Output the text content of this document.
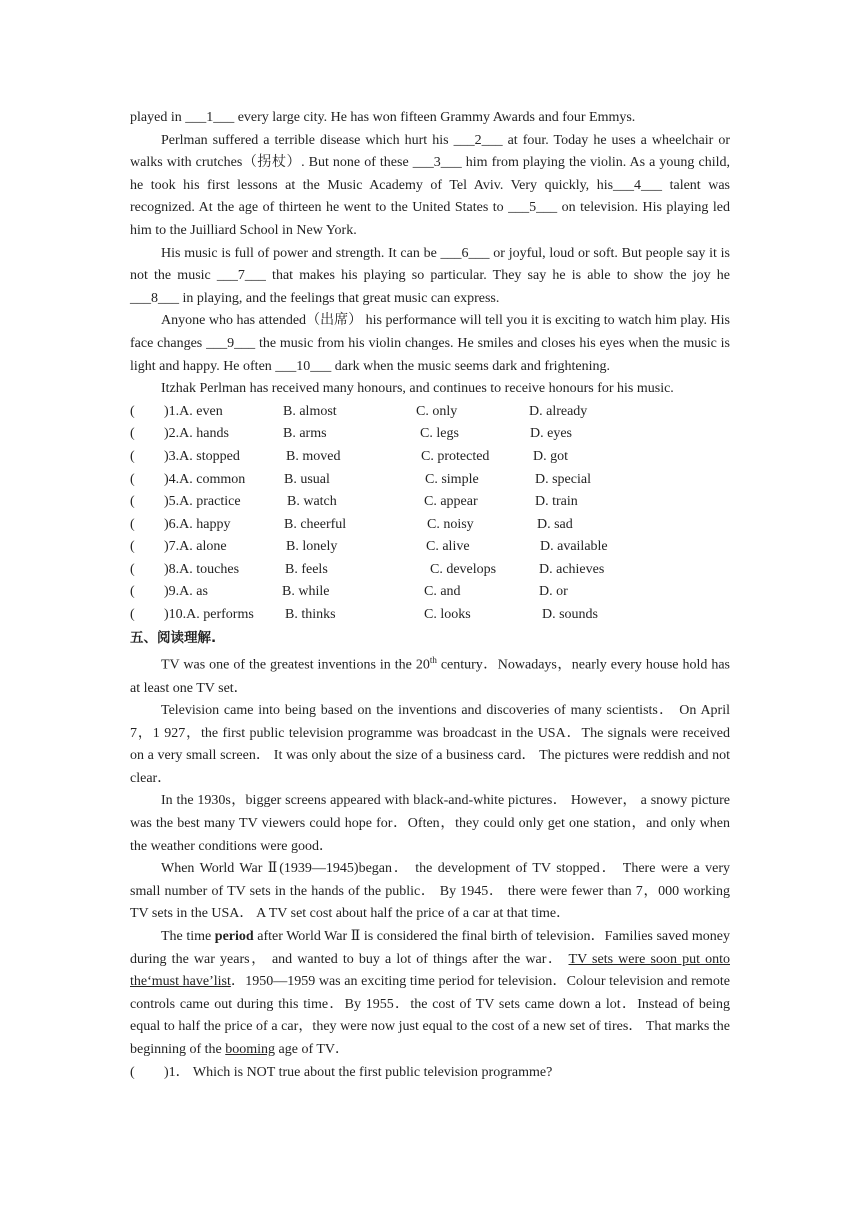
played in ___1___ every large city. He has won fifteen Grammy Awards and four Emmys.

Perlman suffered a terrible disease which hurt his ___2___ at four. Today he uses a wheelchair or walks with crutches（拐杖）. But none of these ___3___ him from playing the violin. As a young child, he took his first lessons at the Music Academy of Tel Aviv. Very quickly, his___4___ talent was recognized. At the age of thirteen he went to the United States to ___5___ on television. His playing led him to the Juilliard School in New York.

His music is full of power and strength. It can be ___6___ or joyful, loud or soft. But people say it is not the music ___7___ that makes his playing so particular. They say he is able to show the joy he ___8___ in playing, and the feelings that great music can express.

Anyone who has attended（出席） his performance will tell you it is exciting to watch him play. His face changes ___9___ the music from his violin changes. He smiles and closes his eyes when the music is light and happy. He often ___10___ dark when the music seems dark and frightening.

Itzhak Perlman has received many honours, and continues to receive honours for his music.

( )1.A. even	B. almost	C. only	D. already
( )2.A. hands	B. arms	C. legs	D. eyes
( )3.A. stopped	B. moved	C. protected	D. got
( )4.A. common	B. usual	C. simple	D. special
( )5.A. practice	B. watch	C. appear	D. train
( )6.A. happy	B. cheerful	C. noisy	D. sad
( )7.A. alone	B. lonely	C. alive	D. available
( )8.A. touches	B. feels	C. develops	D. achieves
( )9.A. as	B. while	C. and	D. or
( )10.A. performs B. thinks	C. looks	D. sounds
五、阅读理解.

TV was one of the greatest inventions in the 20th century．Nowadays，nearly every house hold has at least one TV set．

Television came into being based on the inventions and discoveries of many scientists． On April 7，1 927，the first public television programme was broadcast in the USA．The signals were received on a very small screen． It was only about the size of a business card． The pictures were reddish and not clear．

In the 1930s，bigger screens appeared with black-and-white pictures． However， a snowy picture was the best many TV viewers could hope for．Often，they could only get one station，and only when the weather conditions were good．

When World War Ⅱ(1939—1945)began． the development of TV stopped． There were a very small number of TV sets in the hands of the public． By 1945． there were fewer than 7，000 working TV sets in the USA． A TV set cost about half the price of a car at that time．

The time period after World War Ⅱ is considered the final birth of television．Families saved money during the war years， and wanted to buy a lot of things after the war． TV sets were soon put onto the‘must have’list．1950—1959 was an exciting time period for television．Colour television and remote controls came out during this time．By 1955．the cost of TV sets came down a lot．Instead of being equal to half the price of a car，they were now just equal to the cost of a new set of tires． That marks the beginning of the booming age of TV．

( )1． Which is NOT true about the first public television programme?
